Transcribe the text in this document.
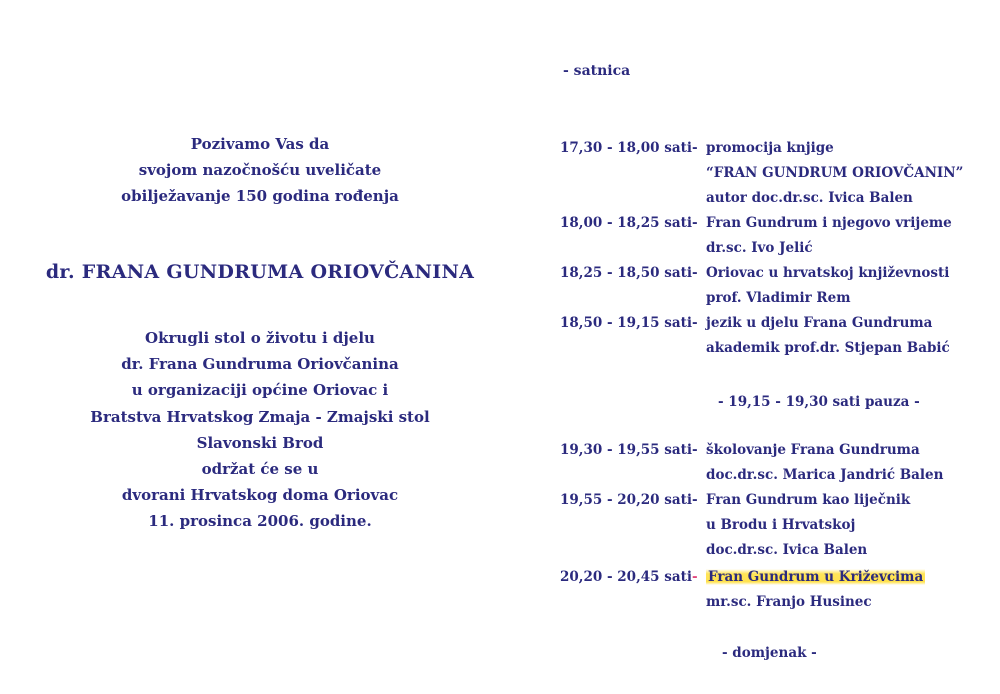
Pozivamo Vas da
svojom nazočnošću uveličate
obilježavanje 150 godina rođenja
dr. FRANA GUNDRUMA ORIOVČANINA
Okrugli stol o životu i djelu
dr. Frana Gundruma Oriovčanina
u organizaciji općine Oriovac i
Bratstva Hrvatskog Zmaja - Zmajski stol
Slavonski Brod
održat će se u
dvorani Hrvatskog doma Oriovac
11. prosinca 2006. godine.
- satnica
17,30 - 18,00 sati - promocija knjige
“FRAN GUNDRUM ORIOVČANIN”
autor doc.dr.sc. Ivica Balen
18,00 - 18,25 sati - Fran Gundrum i njegovo vrijeme
dr.sc. Ivo Jelić
18,25 - 18,50 sati - Oriovac u hrvatskoj književnosti
prof. Vladimir Rem
18,50 - 19,15 sati - jezik u djelu Frana Gundruma
akademik prof.dr. Stjepan Babić
19,30 - 19,55 sati - školovanje Frana Gundruma
doc.dr.sc. Marica Jandrić Balen
19,55 - 20,20 sati - Fran Gundrum kao liječnik
u Brodu i Hrvatskoj
doc.dr.sc. Ivica Balen
20,20 - 20,45 sati - Fran Gundrum u Križevcima
mr.sc. Franjo Husinec
- 19,15 - 19,30 sati pauza -
- domjenak -
